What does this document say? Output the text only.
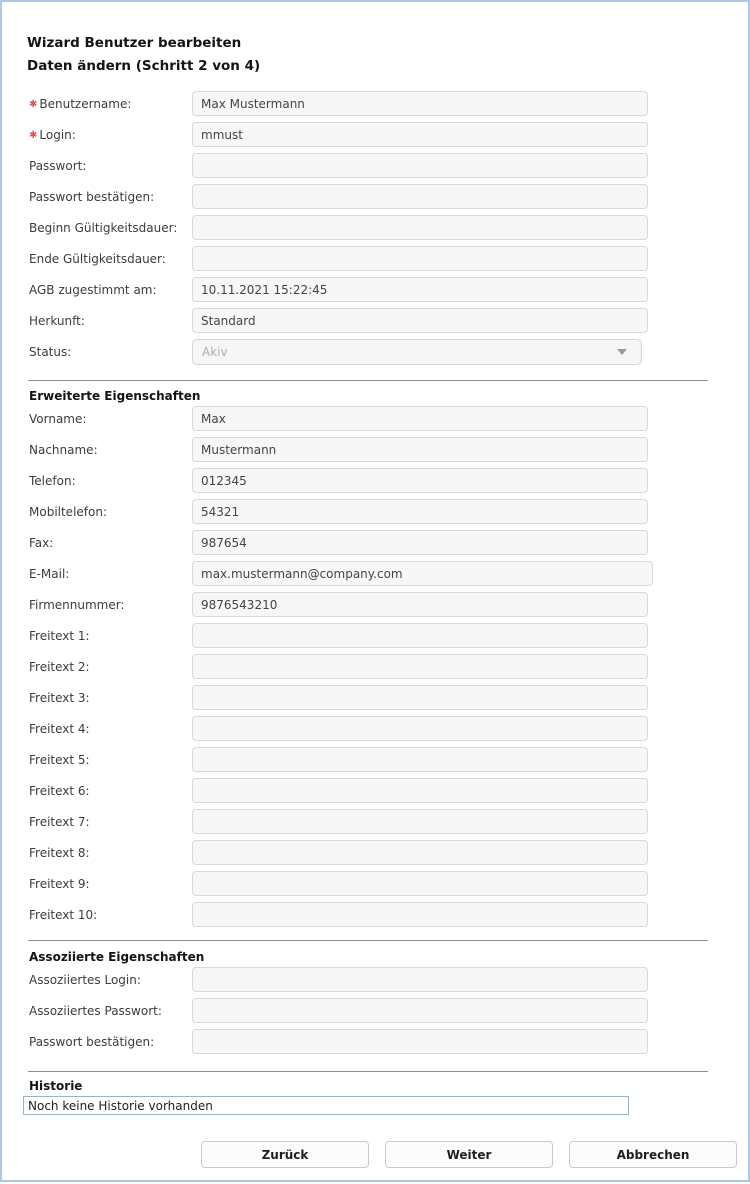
Wizard Benutzer bearbeiten
Daten ändern (Schritt 2 von 4)
✱ Benutzername:
Max Mustermann
✱ Login:
mmust
Passwort:
Passwort bestätigen:
Beginn Gültigkeitsdauer:
Ende Gültigkeitsdauer:
AGB zugestimmt am:
10.11.2021 15:22:45
Herkunft:
Standard
Status:	Akiv
Erweiterte Eigenschaften
Vorname:
Max
Nachname:
Mustermann
Telefon:
012345
Mobiltelefon:
54321
Fax:
987654
E-Mail:
max.mustermann@company.com
Firmennummer:
9876543210
Freitext 1:
Freitext 2:
Freitext 3:
Freitext 4:
Freitext 5:
Freitext 6:
Freitext 7:
Freitext 8:
Freitext 9:
Freitext 10:
Assoziierte Eigenschaften
Assoziiertes Login:
Assoziiertes Passwort:
Passwort bestätigen:
Historie
Noch keine Historie vorhanden
Zurück	Weiter	Abbrechen
